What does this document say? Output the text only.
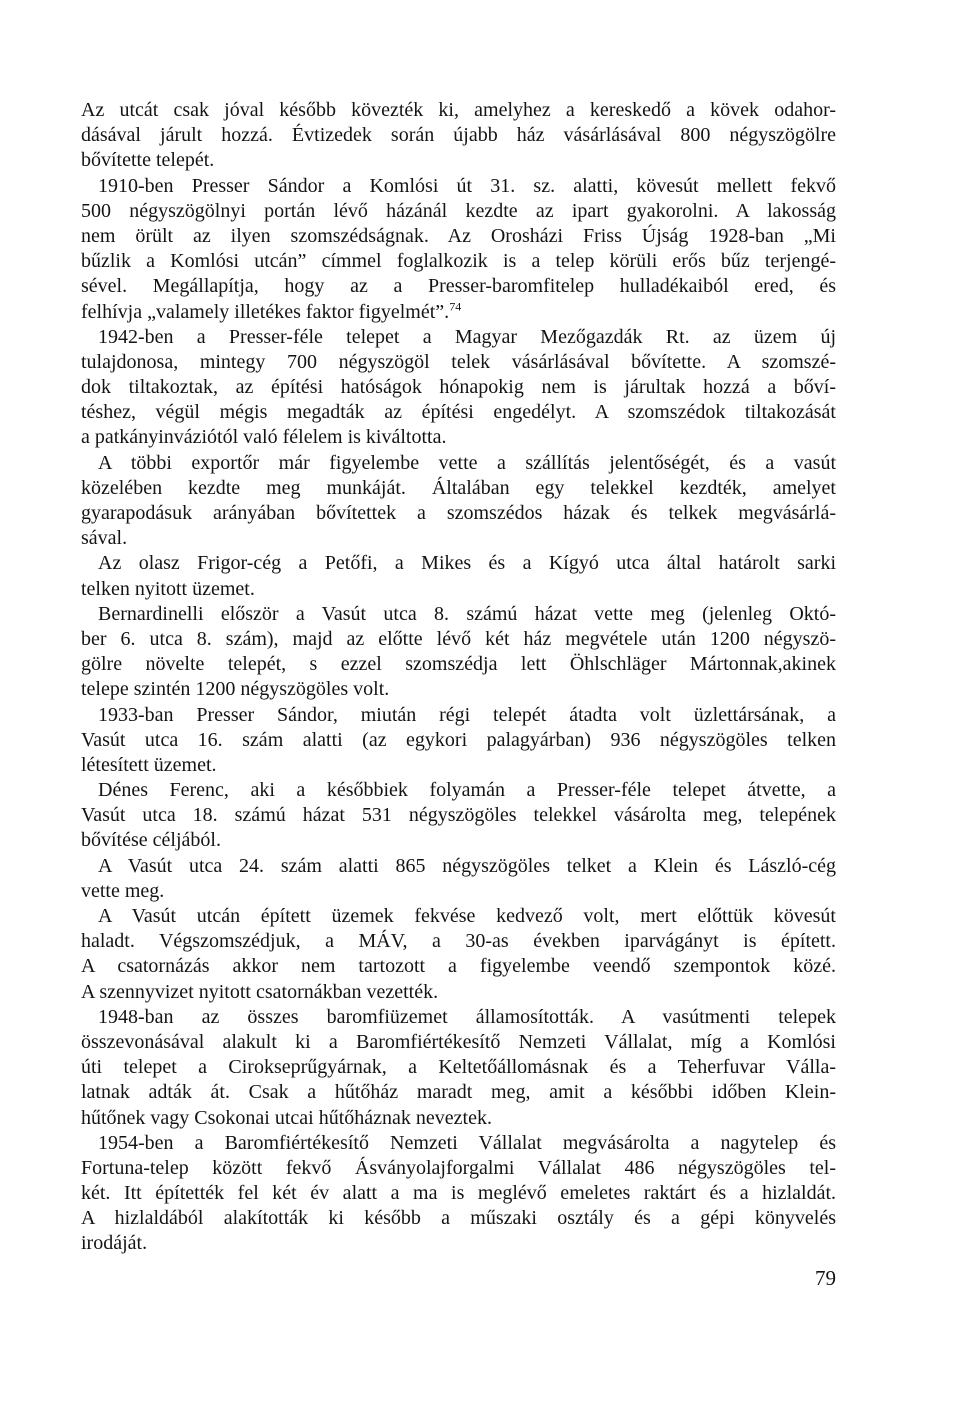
Az utcát csak jóval később kövezték ki, amelyhez a kereskedő a kövek odahor-
dásával járult hozzá. Évtizedek során újabb ház vásárlásával 800 négyszögölre
bővítette telepét.
1910-ben Presser Sándor a Komlósi út 31. sz. alatti, kövesút mellett fekvő
500 négyszögölnyi portán lévő házánál kezdte az ipart gyakorolni. A lakosság
nem örült az ilyen szomszédságnak. Az Orosházi Friss Újság 1928-ban „Mi
bűzlik a Komlósi utcán” címmel foglalkozik is a telep körüli erős bűz terjengé-
sével. Megállapítja, hogy az a Presser-baromfitelep hulladékaiból ered, és
felhívja „valamely illetékes faktor figyelmét”.$^{74}$
1942-ben a Presser-féle telepet a Magyar Mezőgazdák Rt. az üzem új
tulajdonosa, mintegy 700 négyszögöl telek vásárlásával bővítette. A szomszé-
dok tiltakoztak, az építési hatóságok hónapokig nem is járultak hozzá a bőví-
téshez, végül mégis megadták az építési engedélyt. A szomszédok tiltakozását
a patkányinváziótól való félelem is kiváltotta.
A többi exportőr már figyelembe vette a szállítás jelentőségét, és a vasút
közelében kezdte meg munkáját. Általában egy telekkel kezdték, amelyet
gyarapodásuk arányában bővítettek a szomszédos házak és telkek megvásárlá-
sával.
Az olasz Frigor-cég a Petőfi, a Mikes és a Kígyó utca által határolt sarki
telken nyitott üzemet.
Bernardinelli először a Vasút utca 8. számú házat vette meg (jelenleg Októ-
ber 6. utca 8. szám), majd az előtte lévő két ház megvétele után 1200 négyszö-
gölre növelte telepét, s ezzel szomszédja lett Öhlschläger Mártonnak,akinek
telepe szintén 1200 négyszögöles volt.
1933-ban Presser Sándor, miután régi telepét átadta volt üzlettársának, a
Vasút utca 16. szám alatti (az egykori palagyárban) 936 négyszögöles telken
létesített üzemet.
Dénes Ferenc, aki a későbbiek folyamán a Presser-féle telepet átvette, a
Vasút utca 18. számú házat 531 négyszögöles telekkel vásárolta meg, telepének
bővítése céljából.
A Vasút utca 24. szám alatti 865 négyszögöles telket a Klein és László-cég
vette meg.
A Vasút utcán épített üzemek fekvése kedvező volt, mert előttük kövesút
haladt. Végszomszédjuk, a MÁV, a 30-as években iparvágányt is épített.
A csatornázás akkor nem tartozott a figyelembe veendő szempontok közé.
A szennyvizet nyitott csatornákban vezették.
1948-ban az összes baromfiüzemet államosították. A vasútmenti telepek
összevonásával alakult ki a Baromfiértékesítő Nemzeti Vállalat, míg a Komlósi
úti telepet a Cirokseprűgyárnak, a Keltetőállomásnak és a Teherfuvar Válla-
latnak adták át. Csak a hűtőház maradt meg, amit a későbbi időben Klein-
hűtőnek vagy Csokonai utcai hűtőháznak neveztek.
1954-ben a Baromfiértékesítő Nemzeti Vállalat megvásárolta a nagytelep és
Fortuna-telep között fekvő Ásványolajforgalmi Vállalat 486 négyszögöles tel-
két. Itt építették fel két év alatt a ma is meglévő emeletes raktárt és a hizlaldát.
A hizlaldából alakították ki később a műszaki osztály és a gépi könyvelés
irodáját.
79
